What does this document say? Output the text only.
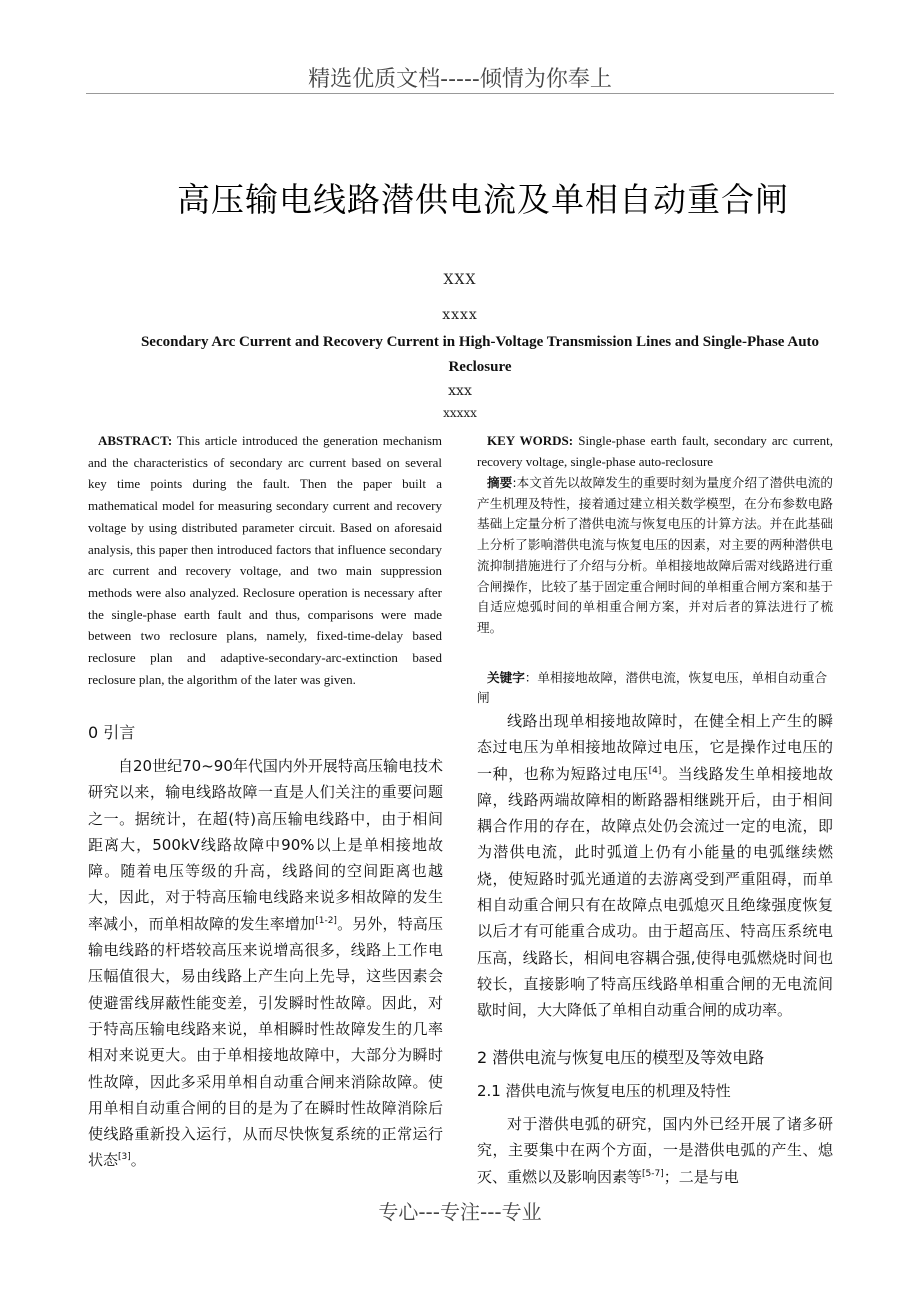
精选优质文档-----倾情为你奉上
高压输电线路潜供电流及单相自动重合闸
XXX
xxxx
Secondary Arc Current and Recovery Current in High-Voltage Transmission Lines and Single-Phase Auto Reclosure
xxx
xxxxx
ABSTRACT: This article introduced the generation mechanism and the characteristics of secondary arc current based on several key time points during the fault. Then the paper built a mathematical model for measuring secondary current and recovery voltage by using distributed parameter circuit. Based on aforesaid analysis, this paper then introduced factors that influence secondary arc current and recovery voltage, and two main suppression methods were also analyzed. Reclosure operation is necessary after the single-phase earth fault and thus, comparisons were made between two reclosure plans, namely, fixed-time-delay based reclosure plan and adaptive-secondary-arc-extinction based reclosure plan, the algorithm of the later was given.
KEY WORDS: Single-phase earth fault, secondary arc current, recovery voltage, single-phase auto-reclosure
摘要:本文首先以故障发生的重要时刻为量度介绍了潜供电流的产生机理及特性，接着通过建立相关数学模型，在分布参数电路基础上定量分析了潜供电流与恢复电压的计算方法。并在此基础上分析了影响潜供电流与恢复电压的因素，对主要的两种潜供电流抑制措施进行了介绍与分析。单相接地故障后需对线路进行重合闸操作，比较了基于固定重合闸时间的单相重合闸方案和基于自适应熄弧时间的单相重合闸方案，并对后者的算法进行了梳理。
关键字：单相接地故障，潜供电流，恢复电压，单相自动重合闸
0 引言

自20世纪70~90年代国内外开展特高压输电技术研究以来，输电线路故障一直是人们关注的重要问题之一。据统计，在超(特)高压输电线路中，由于相间距离大，500kV线路故障中90%以上是单相接地故障。随着电压等级的升高，线路间的空间距离也越大，因此，对于特高压输电线路来说多相故障的发生率减小，而单相故障的发生率增加[1-2]。另外，特高压输电线路的杆塔较高压来说增高很多，线路上工作电压幅值很大，易由线路上产生向上先导，这些因素会使避雷线屏蔽性能变差，引发瞬时性故障。因此，对于特高压输电线路来说，单相瞬时性故障发生的几率相对来说更大。由于单相接地故障中，大部分为瞬时性故障，因此多采用单相自动重合闸来消除故障。使用单相自动重合闸的目的是为了在瞬时性故障消除后使线路重新投入运行，从而尽快恢复系统的正常运行状态[3]。

线路出现单相接地故障时，在健全相上产生的瞬态过电压为单相接地故障过电压，它是操作过电压的一种，也称为短路过电压[4]。当线路发生单相接地故障，线路两端故障相的断路器相继跳开后，由于相间耦合作用的存在，故障点处仍会流过一定的电流，即为潜供电流，此时弧道上仍有小能量的电弧继续燃烧，使短路时弧光通道的去游离受到严重阻碍，而单相自动重合闸只有在故障点电弧熄灭且绝缘强度恢复以后才有可能重合成功。由于超高压、特高压系统电压高，线路长，相间电容耦合强,使得电弧燃烧时间也较长，直接影响了特高压线路单相重合闸的无电流间歇时间，大大降低了单相自动重合闸的成功率。

2 潜供电流与恢复电压的模型及等效电路
2.1 潜供电流与恢复电压的机理及特性

对于潜供电弧的研究，国内外已经开展了诸多研究，主要集中在两个方面，一是潜供电弧的产生、熄灭、重燃以及影响因素等[5-7]；二是与电

专心---专注---专业
